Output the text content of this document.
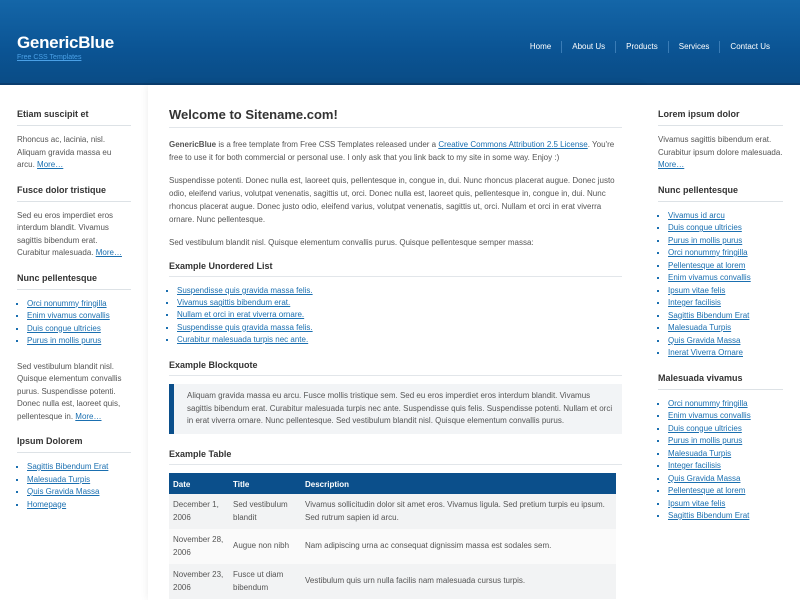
GenericBlue
Free CSS Templates
Home	About Us	Products	Services	Contact Us
Etiam suscipit et

Rhoncus ac, lacinia, nisl. Aliquam gravida massa eu arcu. More…

Fusce dolor tristique

Sed eu eros imperdiet eros interdum blandit. Vivamus sagittis bibendum erat. Curabitur malesuada. More…

Nunc pellentesque
▪ Orci nonummy fringilla
▪ Enim vivamus convallis
▪ Duis congue ultricies
▪ Purus in mollis purus

Sed vestibulum blandit nisl. Quisque elementum convallis purus. Suspendisse potenti. Donec nulla est, laoreet quis, pellentesque in. More…

Ipsum Dolorem
▪ Sagittis Bibendum Erat
▪ Malesuada Turpis
▪ Quis Gravida Massa
▪ Homepage
Welcome to Sitename.com!

GenericBlue is a free template from Free CSS Templates released under a Creative Commons Attribution 2.5 License. You're free to use it for both commercial or personal use. I only ask that you link back to my site in some way. Enjoy :)

Suspendisse potenti. Donec nulla est, laoreet quis, pellentesque in, congue in, dui. Nunc rhoncus placerat augue. Donec justo odio, eleifend varius, volutpat venenatis, sagittis ut, orci. Donec nulla est, laoreet quis, pellentesque in, congue in, dui. Nunc rhoncus placerat augue. Donec justo odio, eleifend varius, volutpat venenatis, sagittis ut, orci. Nullam et orci in erat viverra ornare. Nunc pellentesque.

Sed vestibulum blandit nisl. Quisque elementum convallis purus. Quisque pellentesque semper massa:

Example Unordered List
▪ Suspendisse quis gravida massa felis.
▪ Vivamus sagittis bibendum erat.
▪ Nullam et orci in erat viverra ornare.
▪ Suspendisse quis gravida massa felis.
▪ Curabitur malesuada turpis nec ante.
Example Blockquote
Aliquam gravida massa eu arcu. Fusce mollis tristique sem. Sed eu eros imperdiet eros interdum blandit. Vivamus sagittis bibendum erat. Curabitur malesuada turpis nec ante. Suspendisse quis felis. Suspendisse potenti. Nullam et orci in erat viverra ornare. Nunc pellentesque. Sed vestibulum blandit nisl. Quisque elementum convallis purus.
Example Table
Date	Title	Description
December 1, 2006	Sed vestibulum blandit	Vivamus sollicitudin dolor sit amet eros. Vivamus ligula. Sed pretium turpis eu ipsum. Sed rutrum sapien id arcu.
November 28, 2006	Augue non nibh	Nam adipiscing urna ac consequat dignissim massa est sodales sem.
November 23, 2006	Fusce ut diam bibendum	Vestibulum quis urn nulla facilis nam malesuada cursus turpis.
Lorem ipsum dolor

Vivamus sagittis bibendum erat. Curabitur ipsum dolore malesuada. More…

Nunc pellentesque
▪ Vivamus id arcu
▪ Duis congue ultricies
▪ Purus in mollis purus
▪ Orci nonummy fringilla
▪ Pellentesque at lorem
▪ Enim vivamus convallis
▪ Ipsum vitae felis
▪ Integer facilisis
▪ Sagittis Bibendum Erat
▪ Malesuada Turpis
▪ Quis Gravida Massa
▪ Inerat Viverra Ornare
Malesuada vivamus
▪ Orci nonummy fringilla
▪ Enim vivamus convallis
▪ Duis congue ultricies
▪ Purus in mollis purus
▪ Malesuada Turpis
▪ Integer facilisis
▪ Quis Gravida Massa
▪ Pellentesque at lorem
▪ Ipsum vitae felis
▪ Sagittis Bibendum Erat
